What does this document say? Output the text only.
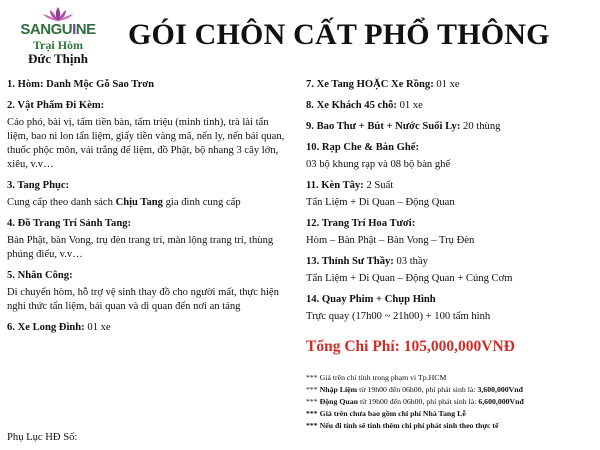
SANGUINE
Trại Hòm
Đức Thịnh
GÓI CHÔN CẤT PHỔ THÔNG

1. Hòm: Danh Mộc Gỗ Sao Trơn

2. Vật Phẩm Đi Kèm:

Cáo phó, bài vị, tấm tiền bàn, tấm triệu (minh tinh), trà lài tẩn liệm, bao ni lon tẩn liệm, giấy tiền vàng mã, nến ly, nến bái quan, thuốc phộc môn, vải trắng để liệm, đồ Phật, bộ nhang 3 cây lớn, xiêu, v.v…

3. Tang Phục:

Cung cấp theo danh sách Chịu Tang gia đình cung cấp

4. Đồ Trang Trí Sảnh Tang:

Bàn Phật, bàn Vong, trụ đèn trang trí, màn lộng trang trí, thùng phúng điếu, v.v…

5. Nhân Công:

Di chuyển hòm, hỗ trợ vệ sinh thay đồ cho người mất, thực hiện nghi thức tẩn liệm, bái quan và di quan đến nơi an táng

6. Xe Long Đình: 01 xe

7. Xe Tang HOẶC Xe Rồng: 01 xe

8. Xe Khách 45 chỗ: 01 xe

9. Bao Thư + Bút + Nước Suối Ly: 20 thùng

10. Rạp Che & Bàn Ghế:

03 bộ khung rạp và 08 bộ bàn ghế

11. Kèn Tây: 2 Suất

Tẩn Liệm + Di Quan – Động Quan

12. Trang Trí Hoa Tươi:

Hòm – Bàn Phật – Bàn Vong – Trụ Đèn

13. Thỉnh Sư Thầy: 03 thầy

Tẩn Liệm + Di Quan – Động Quan + Cúng Cơm

14. Quay Phim + Chụp Hình

Trực quay (17h00 ~ 21h00) + 100 tấm hình

Tổng Chi Phí: 105,000,000VNĐ

*** Giá trên chỉ tính trong phạm vi Tp.HCM

*** Nhập Liệm từ 19h00 đến 06h00, phí phát sinh là: 3,600,000Vnđ

*** Động Quan từ 19h00 đến 06h00, phí phát sinh là: 6,600,000Vnđ

*** Giá trên chưa bao gồm chi phí Nhà Tang Lễ

*** Nếu đi tỉnh sẽ tính thêm chi phí phát sinh theo thực tế

Phụ Lục HĐ Số:
